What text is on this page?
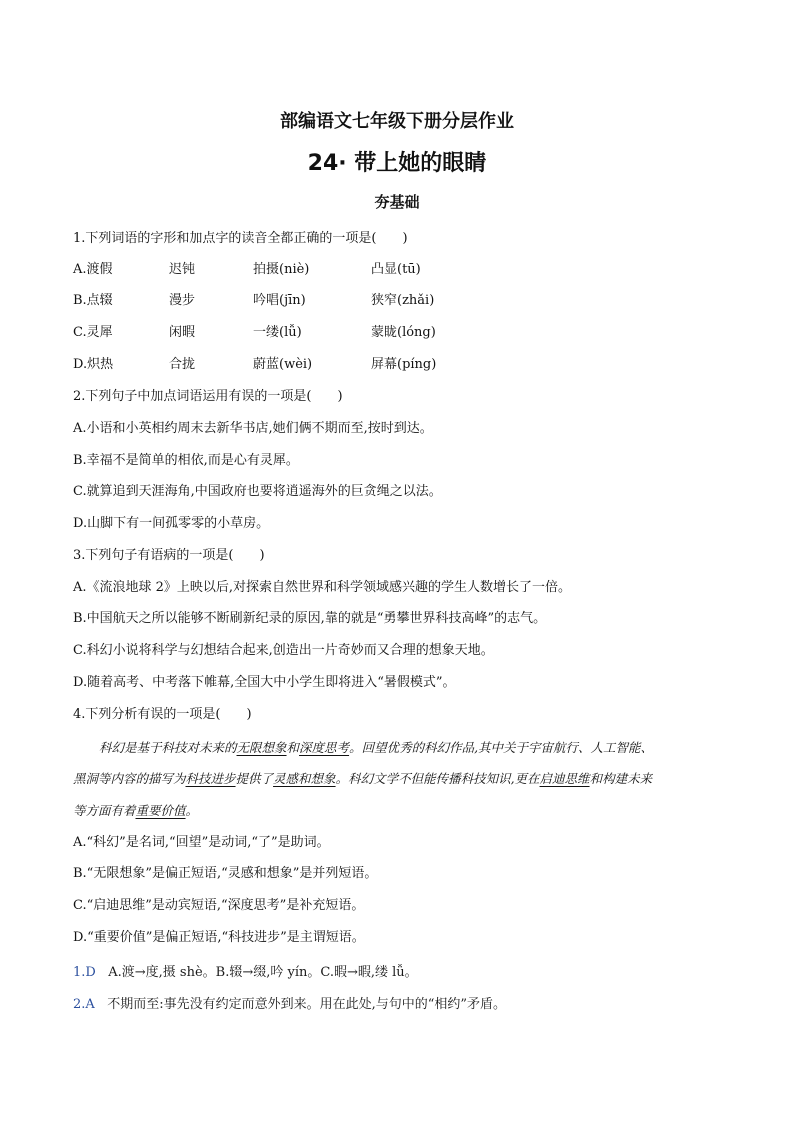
部编语文七年级下册分层作业
24· 带上她的眼睛
夯基础
1.下列词语的字形和加点字的读音全都正确的一项是(　　)
A.渡假	迟钝	拍摄(niè)	凸显(tū)
B.点辍	漫步	吟唱(jīn)	狭窄(zhǎi)
C.灵犀	闲暇	一缕(lǚ)	蒙眬(lóng)
D.炽热	合拢	蔚蓝(wèi)	屏幕(píng)
2.下列句子中加点词语运用有误的一项是(　　)
A.小语和小英相约周末去新华书店,她们俩不期而至,按时到达。
B.幸福不是简单的相依,而是心有灵犀。
C.就算追到天涯海角,中国政府也要将逍遥海外的巨贪绳之以法。
D.山脚下有一间孤零零的小草房。
3.下列句子有语病的一项是(　　)
A.《流浪地球 2》上映以后,对探索自然世界和科学领域感兴趣的学生人数增长了一倍。
B.中国航天之所以能够不断刷新纪录的原因,靠的就是“勇攀世界科技高峰”的志气。
C.科幻小说将科学与幻想结合起来,创造出一片奇妙而又合理的想象天地。
D.随着高考、中考落下帷幕,全国大中小学生即将进入“暑假模式”。
4.下列分析有误的一项是(　　)
科幻是基于科技对未来的无限想象和深度思考。回望优秀的科幻作品,其中关于宇宙航行、人工智能、
黑洞等内容的描写为科技进步提供了灵感和想象。科幻文学不但能传播科技知识,更在启迪思维和构建未来
等方面有着重要价值。
A.“科幻”是名词,“回望”是动词,“了”是助词。
B.“无限想象”是偏正短语,“灵感和想象”是并列短语。
C.“启迪思维”是动宾短语,“深度思考”是补充短语。
D.“重要价值”是偏正短语,“科技进步”是主谓短语。
1.D A.渡→度,摄 shè。B.辍→缀,吟 yín。C.暇→暇,缕 lǚ。
2.A 不期而至:事先没有约定而意外到来。用在此处,与句中的“相约”矛盾。
